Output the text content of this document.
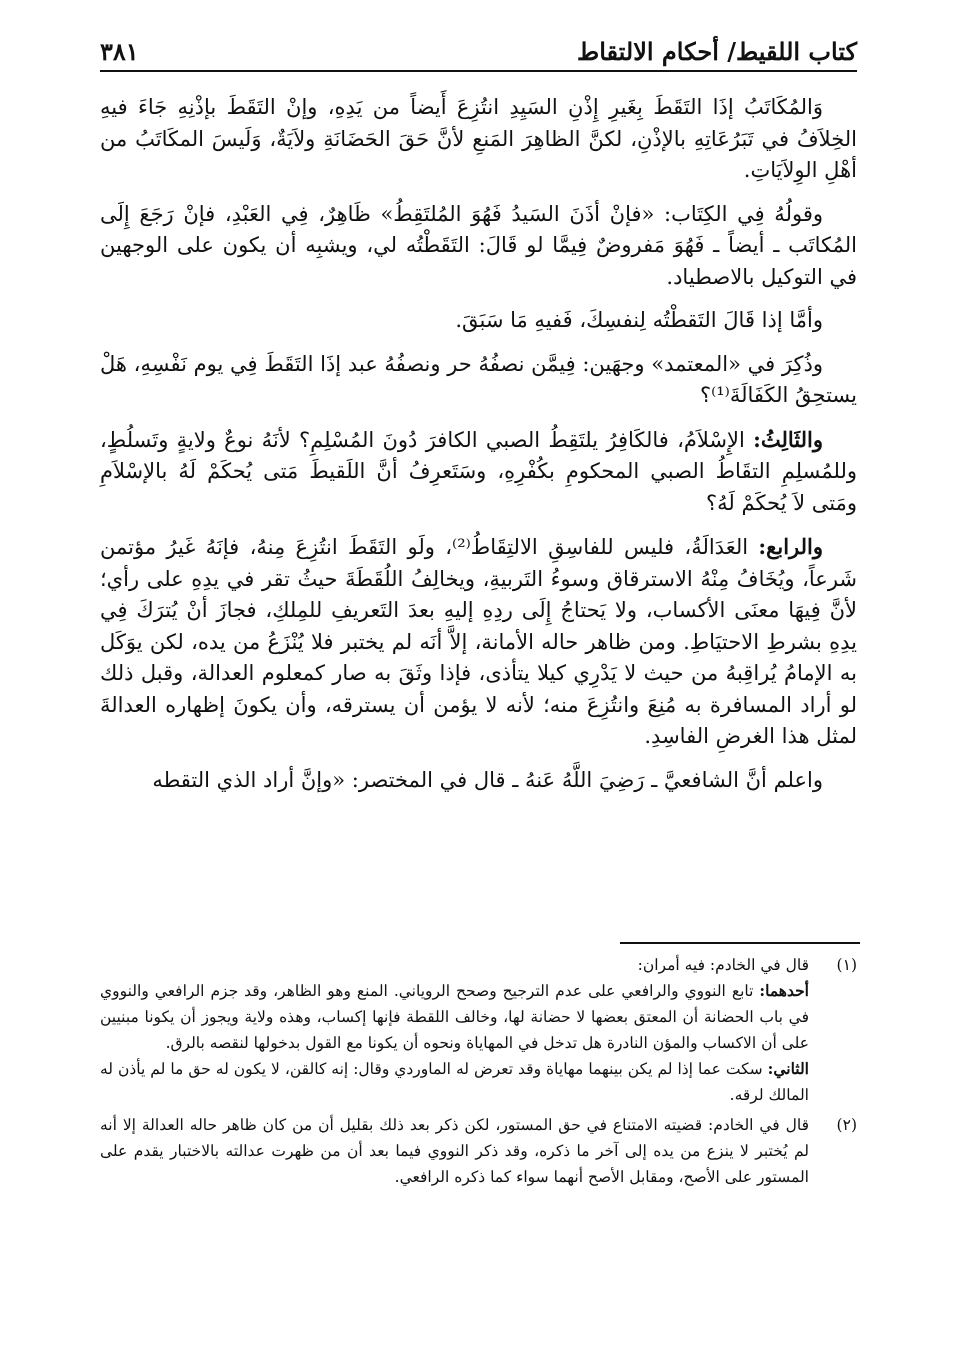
كتاب اللقيط/ أحكام الالتقاط
٣٨١

وَالمُكَاتَبُ إذَا التَقَطَ بِغَيرِ إِذْنِ السَيِدِ انتُزِعَ أَيضاً من يَدِهِ، وإنْ التَقَطَ بإذْنِهِ جَاءَ فيهِ الخِلاَفُ في تَبَرُعَاتِهِ بالإذْنِ، لكنَّ الظاهِرَ المَنعِ لأنَّ حَقَ الحَضَانَةِ ولاَيَةٌ، وَلَيسَ المكَاتَبُ من أهْلِ الوِلاَيَاتِ.

وقولُهُ فِي الكِتَاب: «فإنْ أذَنَ السَيدُ فَهُوَ المُلتَقِطُ» ظَاهِرٌ، فِي العَبْدِ، فإنْ رَجَعَ إِلَى المُكاتَب ـ أيضاً ـ فَهُوَ مَفروضٌ فِيمَّا لو قَالَ: التَقَطْتُه لي، ويشبِه أن يكون على الوجهين في التوكيل بالاصطياد.

وأمَّا إذا قَالَ التَقطْتُه لِنفسِكَ، فَفيهِ مَا سَبَقَ.

وذُكِرَ في «المعتمد» وجهَين: فِيمَّن نصفُهُ حر ونصفُهُ عبد إذَا التَقَطَ فِي يوم نَفْسِهِ، هَلْ يستحِقُ الكَفَالَةَ⁽¹⁾؟

والثَالِثُ: الإِسْلاَمُ، فالكَافِرُ يلتَقِطُ الصبي الكافرَ دُونَ المُسْلِمِ؟ لأنَهُ نوعٌ ولايةٍ وتَسلُطٍ، وللمُسلِمِ التقَاطُ الصبي المحكومِ بكُفْرِهِ، وسَتَعرِفُ أنَّ اللَقيطَ مَتى يُحكَمْ لَهُ بالإسْلاَمِ ومَتى لاَ يُحكَمْ لَهُ؟

والرابع: العَدَالَةُ، فليس للفاسِقِ الالتِقَاطُ⁽²⁾، ولَو التَقَطَ انتُزِعَ مِنهُ، فإنَهُ غَيرُ مؤتمن شَرعاً، ويُخَافُ مِنْهُ الاسترقاق وسوءُ التَربيةِ، ويخالِفُ اللُقَطَةَ حيثُ تقر في يدِهِ على رأي؛ لأنَّ فِيهَا معنَى الأكساب، ولا يَحتاجُ إِلَى ردِهِ إليهِ بعدَ التَعريفِ للمِلكِ، فجازَ أنْ يُترَكَ فِي يدِهِ بشرطِ الاحتيَاطِ. ومن ظاهر حاله الأمانة، إلاَّ أنَه لم يختبر فلا يُنْزَعُ من يده، لكن يوَكَل به الإمامُ يُراقِبهُ من حيث لا يَدْرِي كيلا يتأذى، فإذا وثَقَ به صار كمعلوم العدالة، وقبل ذلك لو أراد المسافرة به مُنِعَ وانتُزِعَ منه؛ لأنه لا يؤمن أن يسترقه، وأن يكونَ إظهاره العدالةَ لمثل هذا الغرضِ الفاسِدِ.

واعلم أنَّ الشافعيَّ ـ رَضِيَ اللَّهُ عَنهُ ـ قال في المختصر: «وإنَّ أراد الذي التقطه

(١)
قال في الخادم: فيه أمران:
أحدهما: تابع النووي والرافعي على عدم الترجيح وصحح الروياني. المنع وهو الظاهر، وقد جزم الرافعي والنووي في باب الحضانة أن المعتق بعضها لا حضانة لها، وخالف اللقطة فإنها إكساب، وهذه ولاية ويجوز أن يكونا مبنيين على أن الاكساب والمؤن النادرة هل تدخل في المهاياة ونحوه أن يكونا مع القول بدخولها لنقصه بالرق.
الثاني: سكت عما إذا لم يكن بينهما مهاياة وقد تعرض له الماوردي وقال: إنه كالقن، لا يكون له حق ما لم يأذن له المالك لرقه.
(٢)
قال في الخادم: قضيته الامتناع في حق المستور، لكن ذكر بعد ذلك بقليل أن من كان ظاهر حاله العدالة إلا أنه لم يُختبر لا ينزع من يده إلى آخر ما ذكره، وقد ذكر النووي فيما بعد أن من ظهرت عدالته بالاختبار يقدم على المستور على الأصح، ومقابل الأصح أنهما سواء كما ذكره الرافعي.
